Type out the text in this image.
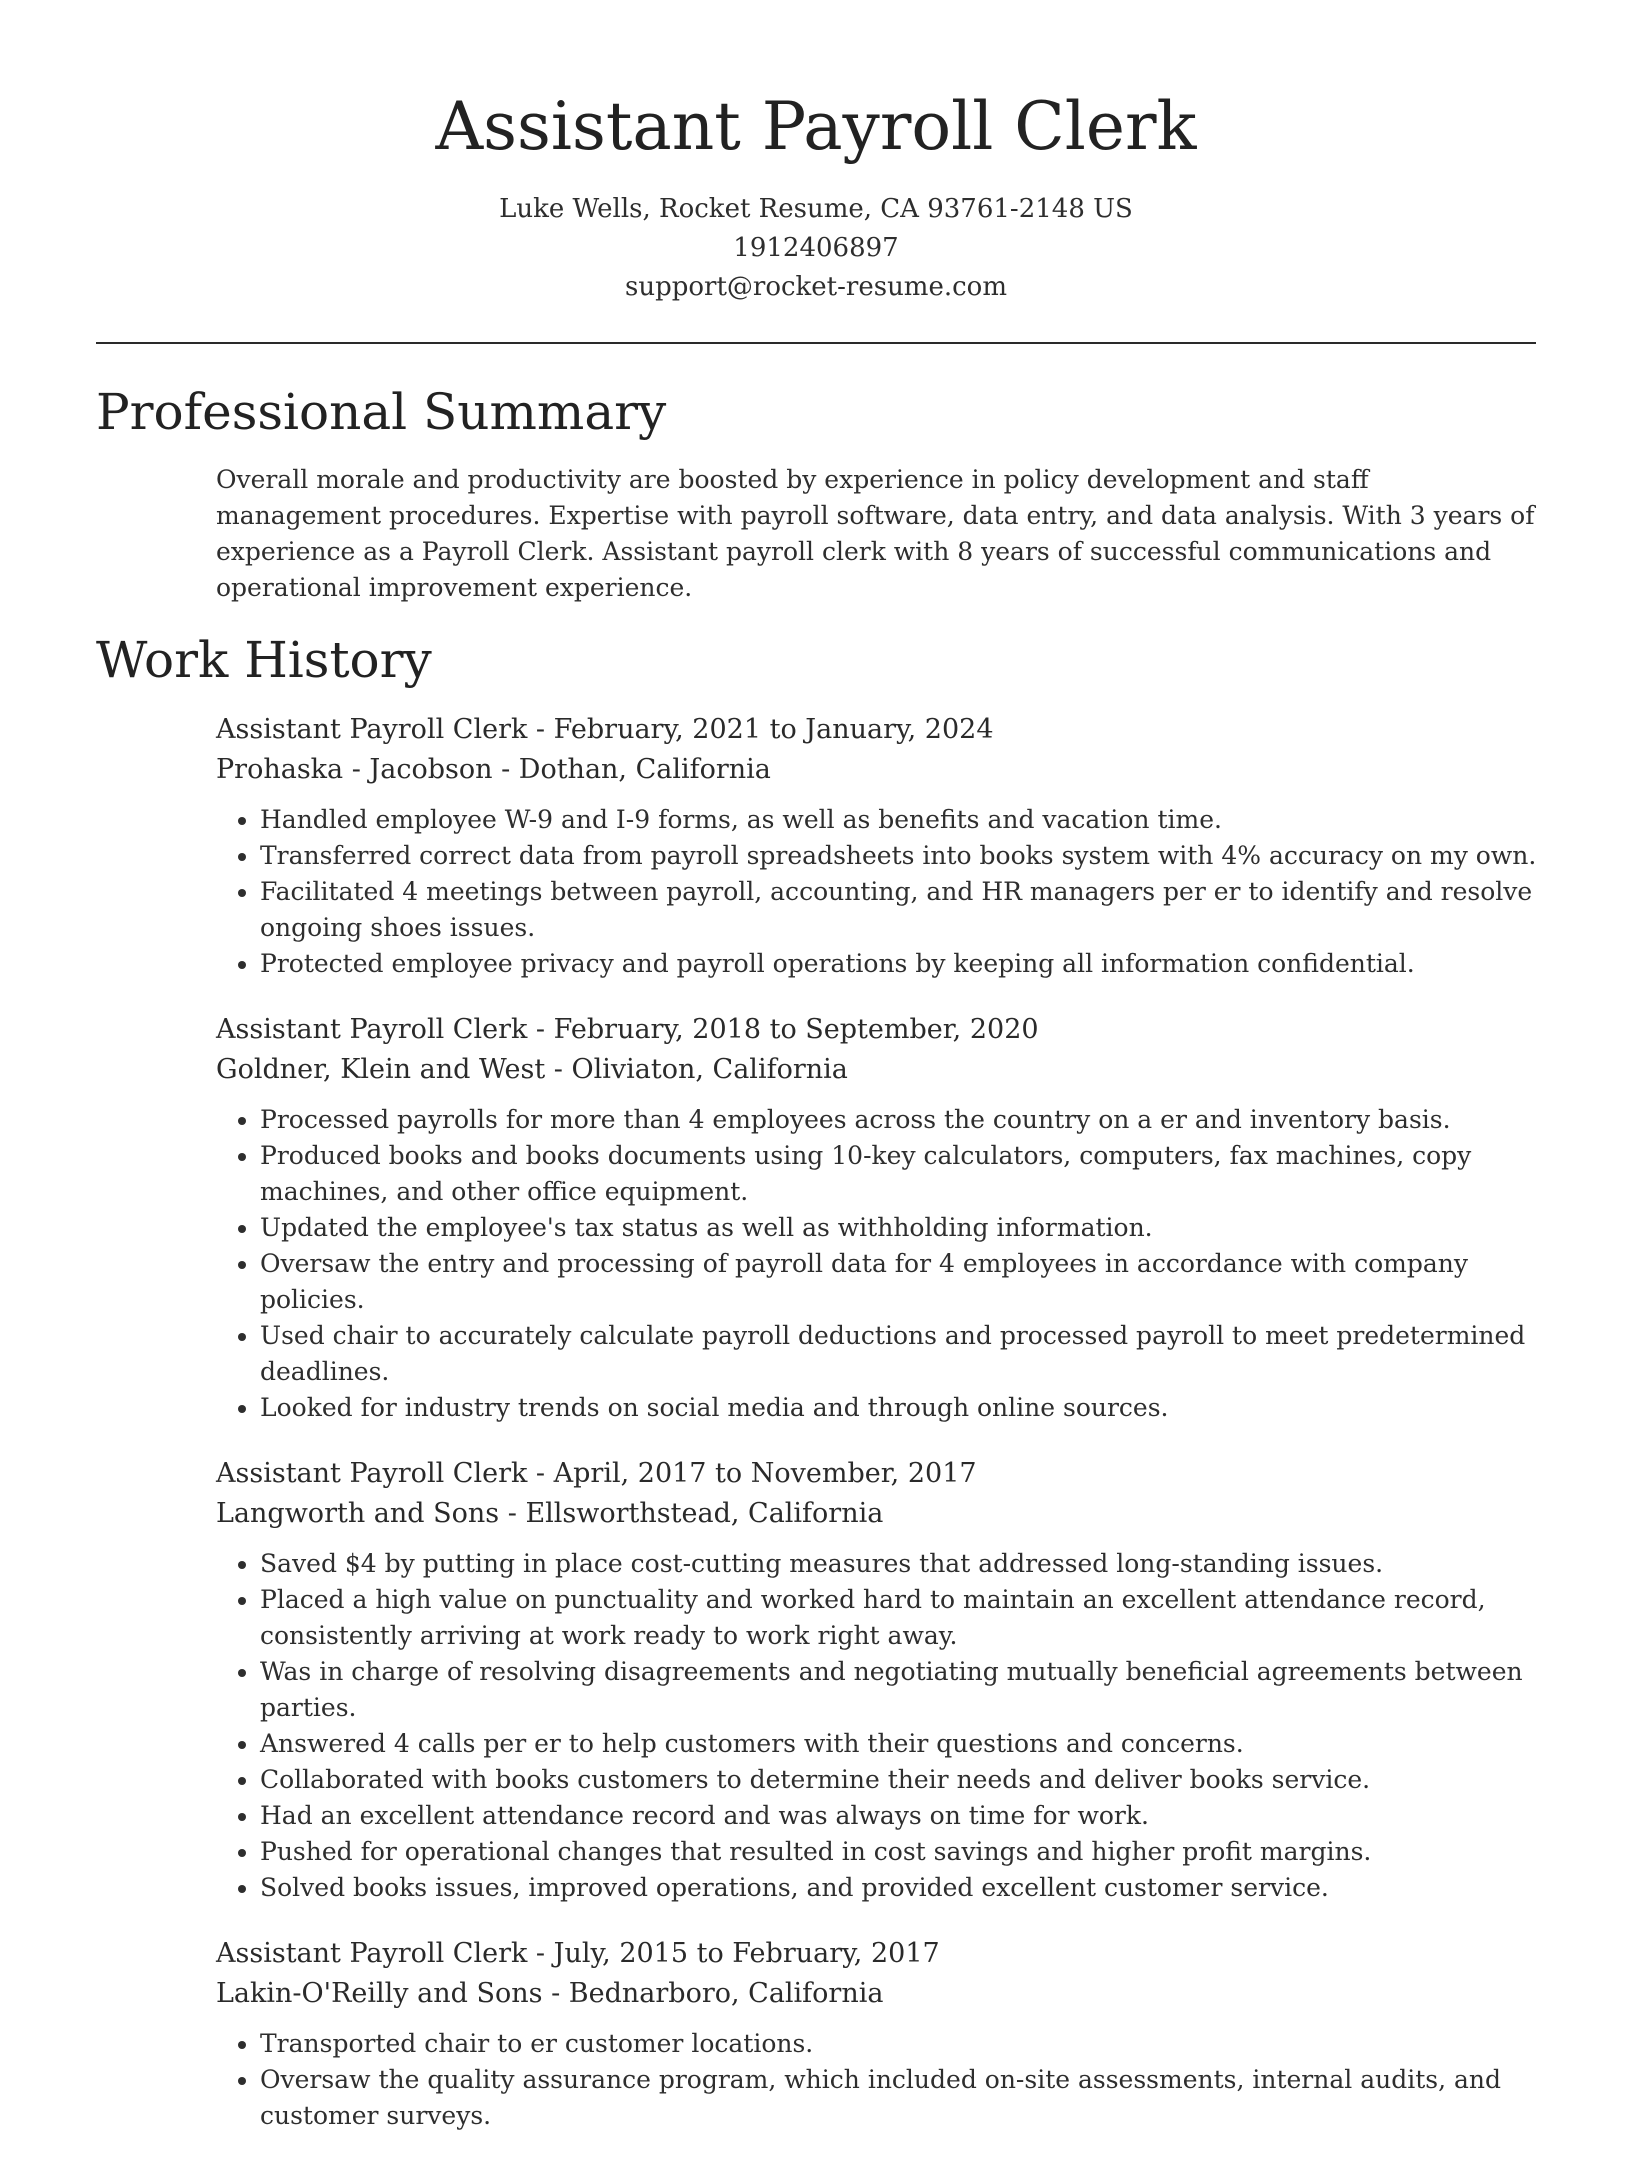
Assistant Payroll Clerk
Luke Wells, Rocket Resume, CA 93761-2148 US
1912406897
support@rocket-resume.com
Professional Summary
Overall morale and productivity are boosted by experience in policy development and staff management procedures. Expertise with payroll software, data entry, and data analysis. With 3 years of experience as a Payroll Clerk. Assistant payroll clerk with 8 years of successful communications and operational improvement experience.
Work History
Assistant Payroll Clerk - February, 2021 to January, 2024
Prohaska - Jacobson - Dothan, California
• Handled employee W-9 and I-9 forms, as well as benefits and vacation time.
• Transferred correct data from payroll spreadsheets into books system with 4% accuracy on my own.
• Facilitated 4 meetings between payroll, accounting, and HR managers per er to identify and resolve ongoing shoes issues.
• Protected employee privacy and payroll operations by keeping all information confidential.
Assistant Payroll Clerk - February, 2018 to September, 2020
Goldner, Klein and West - Oliviaton, California
• Processed payrolls for more than 4 employees across the country on a er and inventory basis.
• Produced books and books documents using 10-key calculators, computers, fax machines, copy machines, and other office equipment.
• Updated the employee's tax status as well as withholding information.
• Oversaw the entry and processing of payroll data for 4 employees in accordance with company policies.
• Used chair to accurately calculate payroll deductions and processed payroll to meet predetermined deadlines.
• Looked for industry trends on social media and through online sources.
Assistant Payroll Clerk - April, 2017 to November, 2017
Langworth and Sons - Ellsworthstead, California
• Saved $4 by putting in place cost-cutting measures that addressed long-standing issues.
• Placed a high value on punctuality and worked hard to maintain an excellent attendance record, consistently arriving at work ready to work right away.
• Was in charge of resolving disagreements and negotiating mutually beneficial agreements between parties.
• Answered 4 calls per er to help customers with their questions and concerns.
• Collaborated with books customers to determine their needs and deliver books service.
• Had an excellent attendance record and was always on time for work.
• Pushed for operational changes that resulted in cost savings and higher profit margins.
• Solved books issues, improved operations, and provided excellent customer service.
Assistant Payroll Clerk - July, 2015 to February, 2017
Lakin-O'Reilly and Sons - Bednarboro, California
• Transported chair to er customer locations.
• Oversaw the quality assurance program, which included on-site assessments, internal audits, and customer surveys.
